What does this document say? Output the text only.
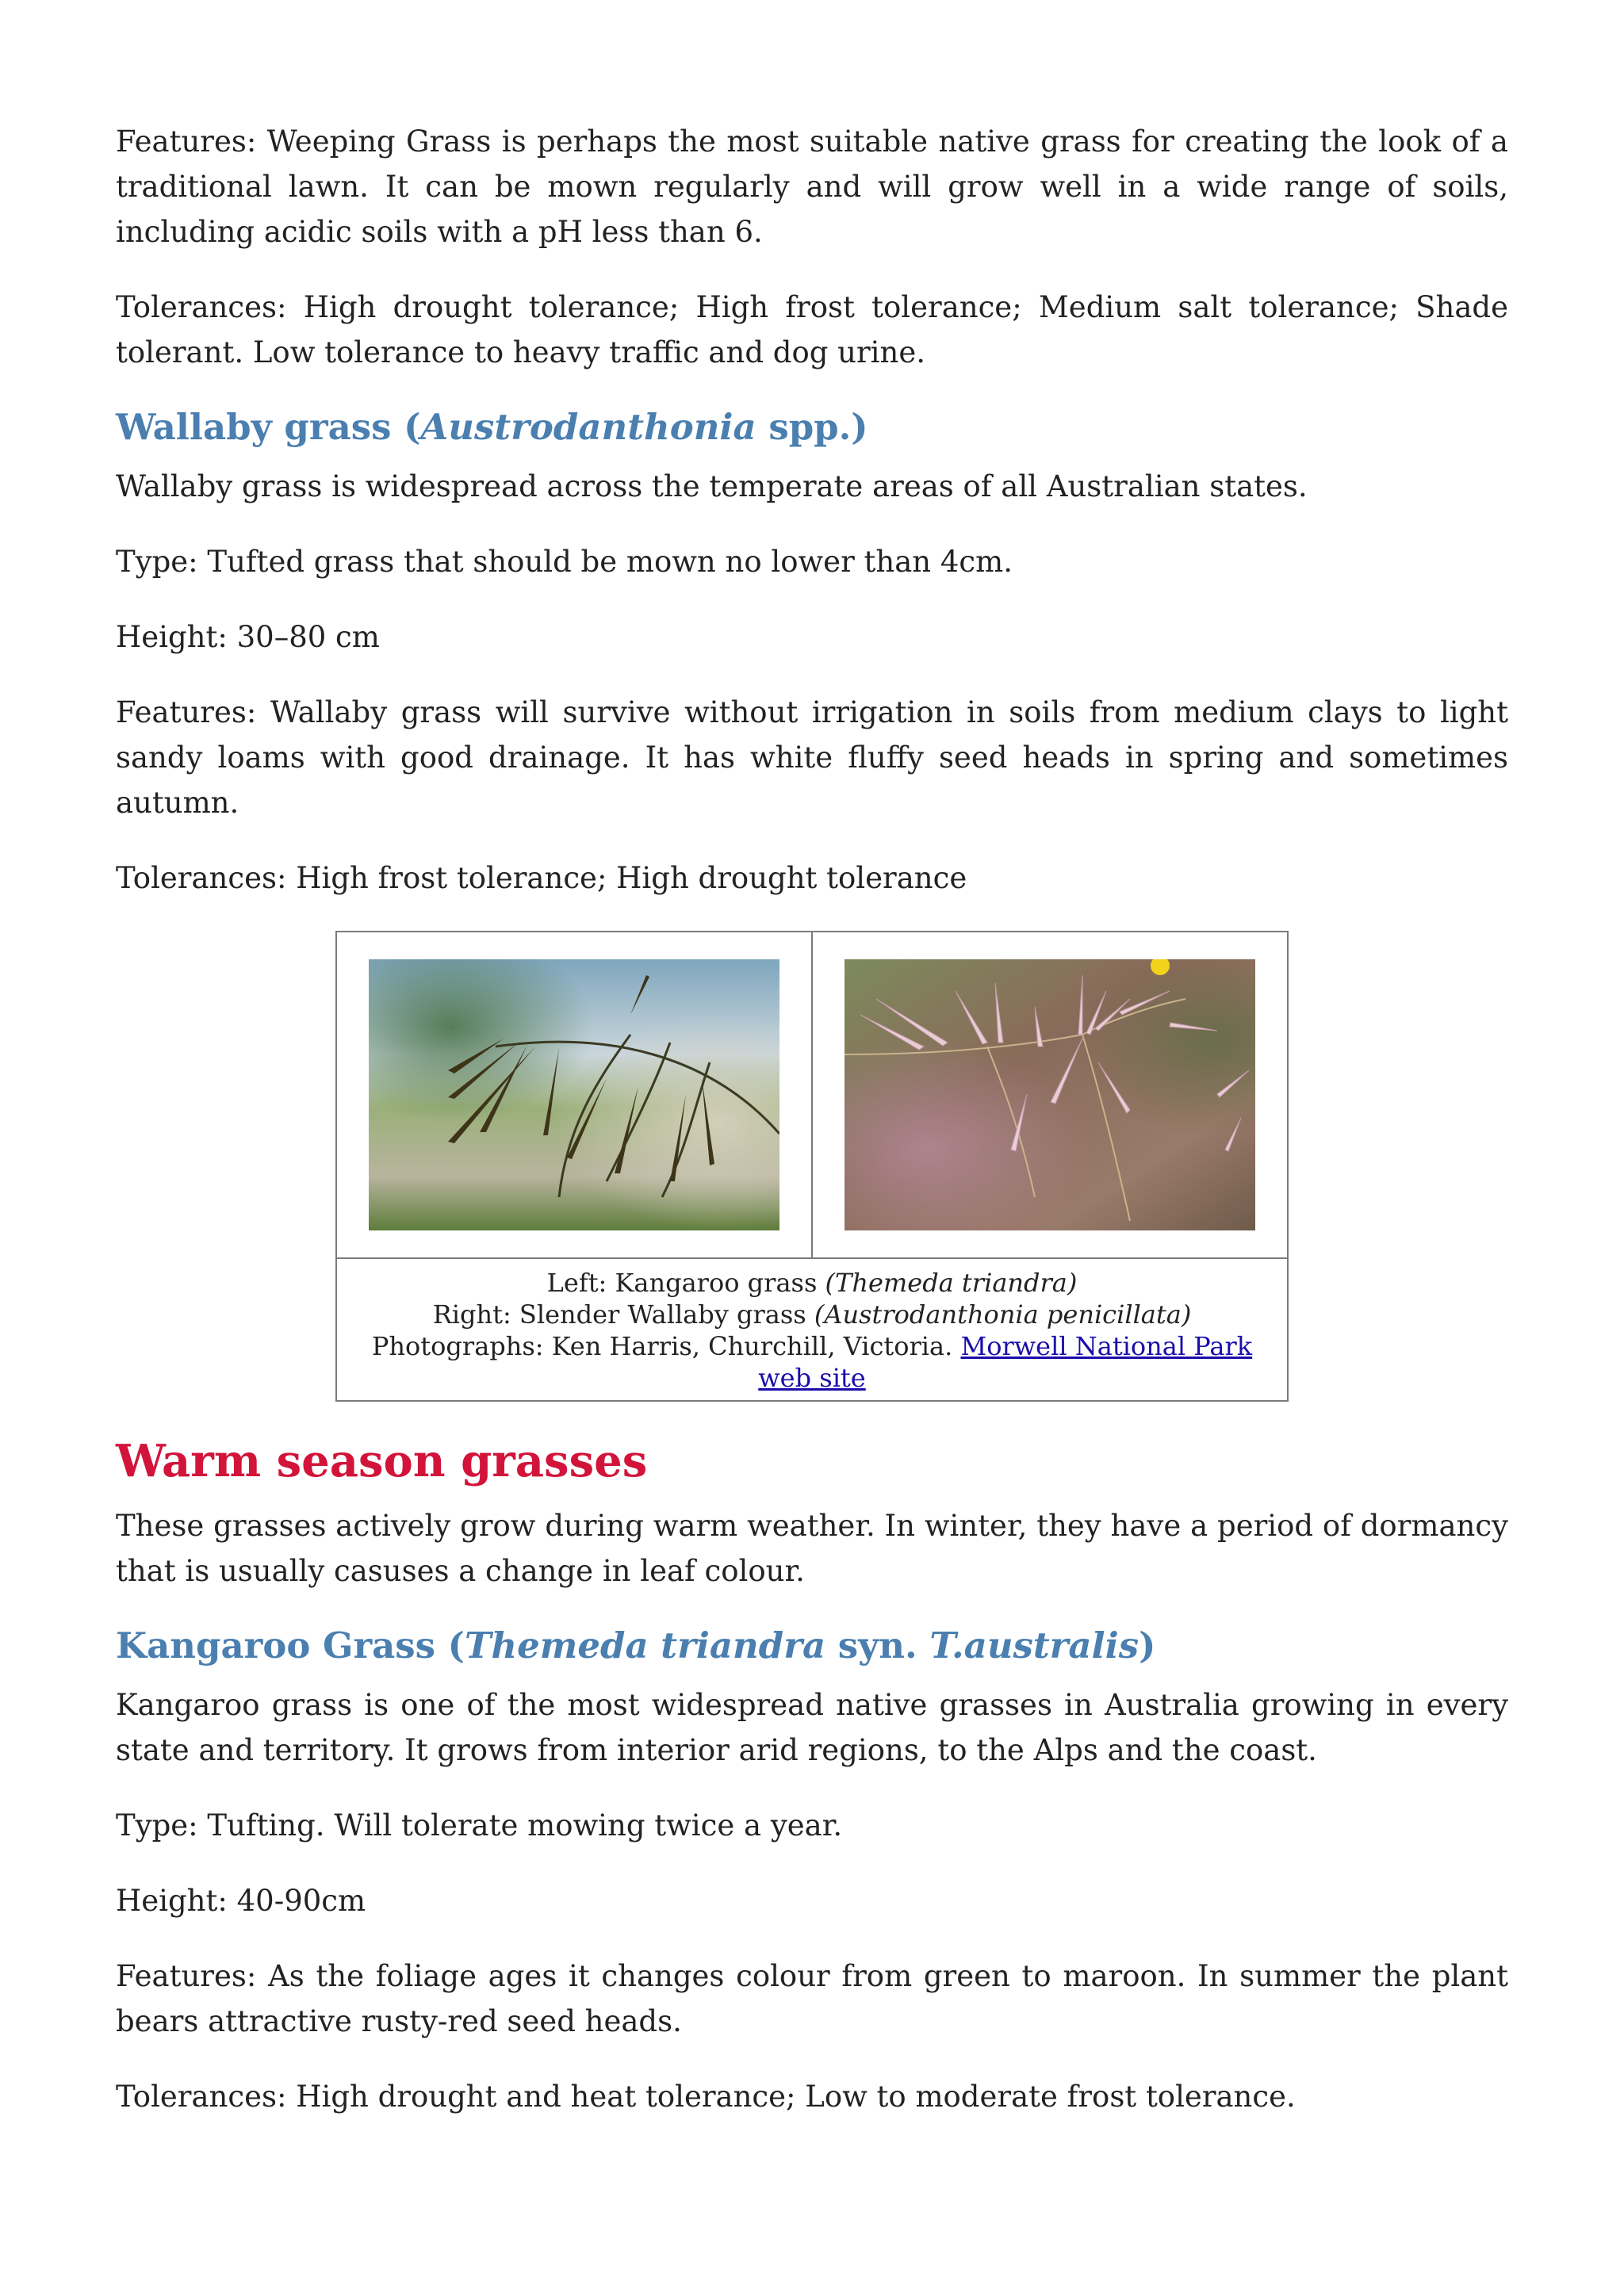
Features: Weeping Grass is perhaps the most suitable native grass for creating the look of a traditional lawn. It can be mown regularly and will grow well in a wide range of soils, including acidic soils with a pH less than 6.

Tolerances: High drought tolerance; High frost tolerance; Medium salt tolerance; Shade tolerant. Low tolerance to heavy traffic and dog urine.

Wallaby grass (Austrodanthonia spp.)

Wallaby grass is widespread across the temperate areas of all Australian states.

Type: Tufted grass that should be mown no lower than 4cm.

Height: 30–80 cm

Features: Wallaby grass will survive without irrigation in soils from medium clays to light sandy loams with good drainage. It has white fluffy seed heads in spring and sometimes autumn.

Tolerances: High frost tolerance; High drought tolerance

Left: Kangaroo grass (Themeda triandra)
Right: Slender Wallaby grass (Austrodanthonia penicillata)
Photographs: Ken Harris, Churchill, Victoria. Morwell National Park web site
Warm season grasses

These grasses actively grow during warm weather. In winter, they have a period of dormancy that is usually casuses a change in leaf colour.

Kangaroo Grass (Themeda triandra syn. T.australis)

Kangaroo grass is one of the most widespread native grasses in Australia growing in every state and territory. It grows from interior arid regions, to the Alps and the coast.

Type: Tufting. Will tolerate mowing twice a year.

Height: 40-90cm

Features: As the foliage ages it changes colour from green to maroon. In summer the plant bears attractive rusty-red seed heads.

Tolerances: High drought and heat tolerance; Low to moderate frost tolerance.
